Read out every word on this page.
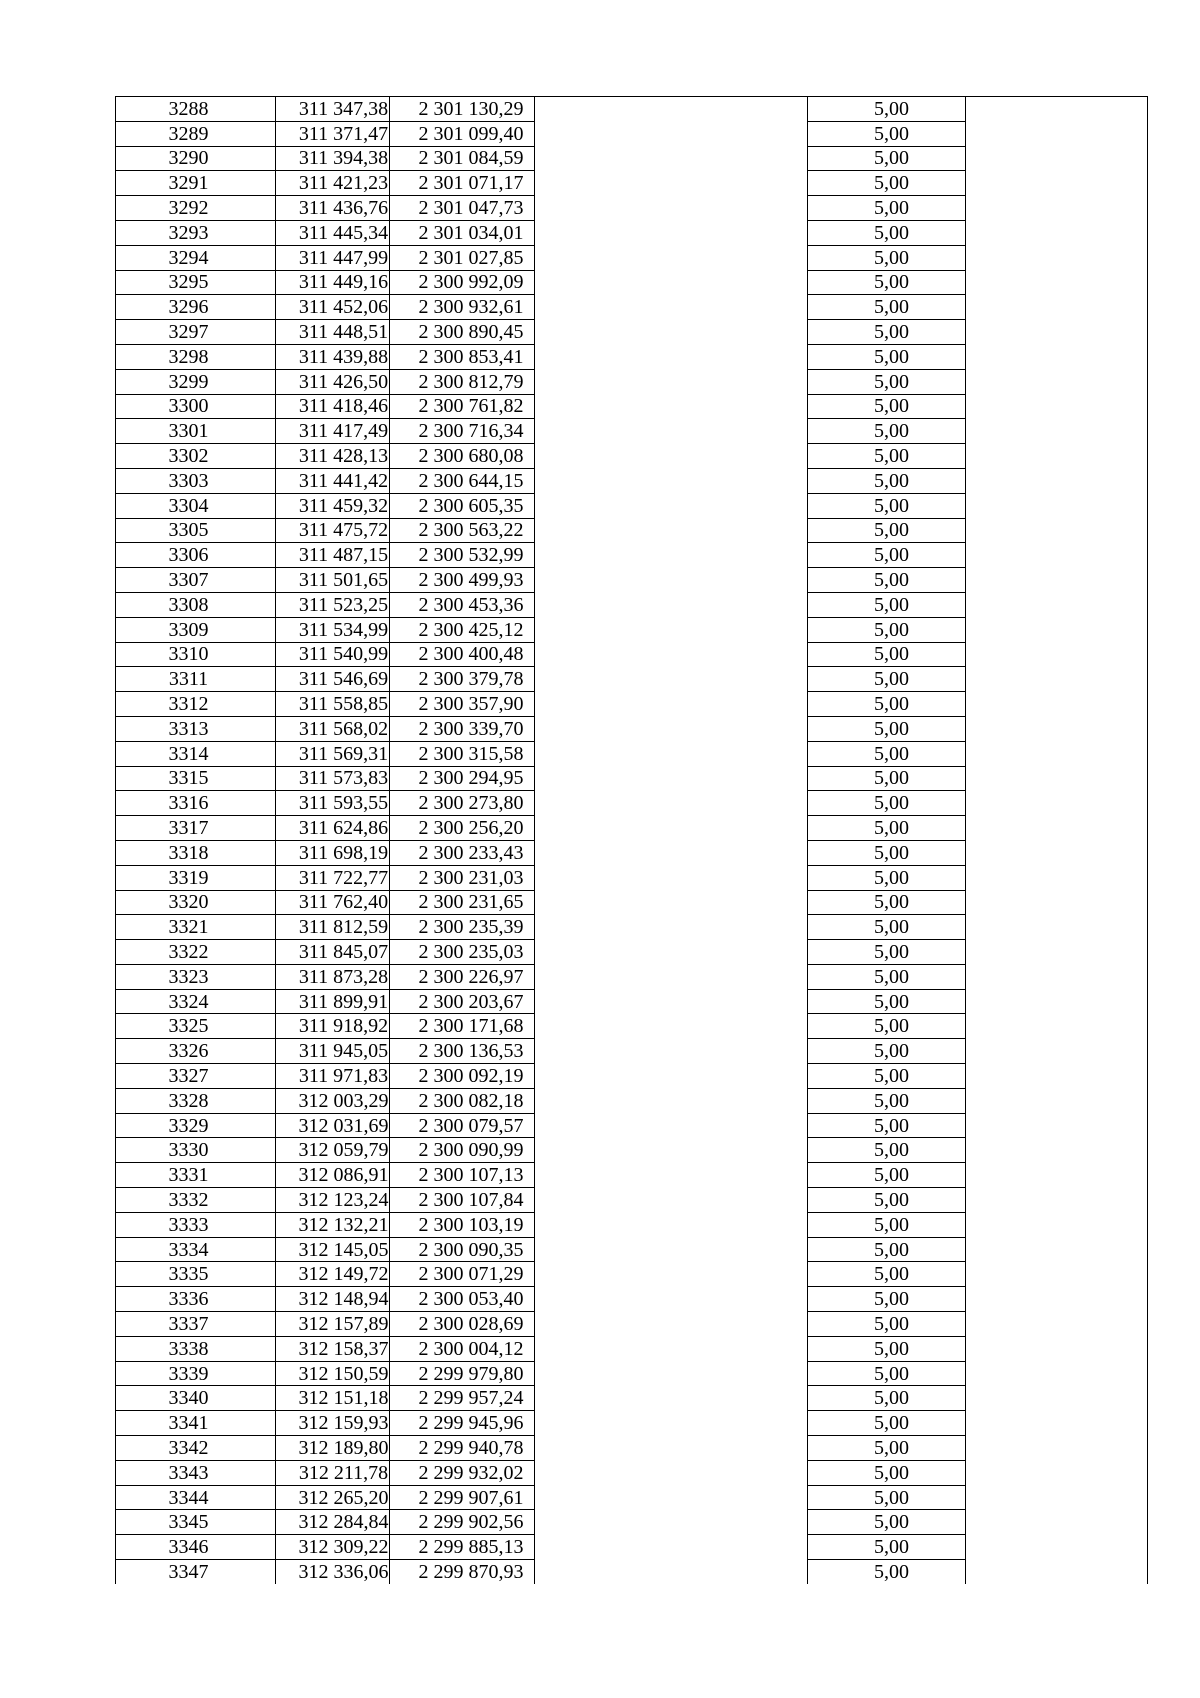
3288	311 347,38	2 301 130,29		5,00	
3289	311 371,47	2 301 099,40		5,00	
3290	311 394,38	2 301 084,59		5,00	
3291	311 421,23	2 301 071,17		5,00	
3292	311 436,76	2 301 047,73		5,00	
3293	311 445,34	2 301 034,01		5,00	
3294	311 447,99	2 301 027,85		5,00	
3295	311 449,16	2 300 992,09		5,00	
3296	311 452,06	2 300 932,61		5,00	
3297	311 448,51	2 300 890,45		5,00	
3298	311 439,88	2 300 853,41		5,00	
3299	311 426,50	2 300 812,79		5,00	
3300	311 418,46	2 300 761,82		5,00	
3301	311 417,49	2 300 716,34		5,00	
3302	311 428,13	2 300 680,08		5,00	
3303	311 441,42	2 300 644,15		5,00	
3304	311 459,32	2 300 605,35		5,00	
3305	311 475,72	2 300 563,22		5,00	
3306	311 487,15	2 300 532,99		5,00	
3307	311 501,65	2 300 499,93		5,00	
3308	311 523,25	2 300 453,36		5,00	
3309	311 534,99	2 300 425,12		5,00	
3310	311 540,99	2 300 400,48		5,00	
3311	311 546,69	2 300 379,78		5,00	
3312	311 558,85	2 300 357,90		5,00	
3313	311 568,02	2 300 339,70		5,00	
3314	311 569,31	2 300 315,58		5,00	
3315	311 573,83	2 300 294,95		5,00	
3316	311 593,55	2 300 273,80		5,00	
3317	311 624,86	2 300 256,20		5,00	
3318	311 698,19	2 300 233,43		5,00	
3319	311 722,77	2 300 231,03		5,00	
3320	311 762,40	2 300 231,65		5,00	
3321	311 812,59	2 300 235,39		5,00	
3322	311 845,07	2 300 235,03		5,00	
3323	311 873,28	2 300 226,97		5,00	
3324	311 899,91	2 300 203,67		5,00	
3325	311 918,92	2 300 171,68		5,00	
3326	311 945,05	2 300 136,53		5,00	
3327	311 971,83	2 300 092,19		5,00	
3328	312 003,29	2 300 082,18		5,00	
3329	312 031,69	2 300 079,57		5,00	
3330	312 059,79	2 300 090,99		5,00	
3331	312 086,91	2 300 107,13		5,00	
3332	312 123,24	2 300 107,84		5,00	
3333	312 132,21	2 300 103,19		5,00	
3334	312 145,05	2 300 090,35		5,00	
3335	312 149,72	2 300 071,29		5,00	
3336	312 148,94	2 300 053,40		5,00	
3337	312 157,89	2 300 028,69		5,00	
3338	312 158,37	2 300 004,12		5,00	
3339	312 150,59	2 299 979,80		5,00	
3340	312 151,18	2 299 957,24		5,00	
3341	312 159,93	2 299 945,96		5,00	
3342	312 189,80	2 299 940,78		5,00	
3343	312 211,78	2 299 932,02		5,00	
3344	312 265,20	2 299 907,61		5,00	
3345	312 284,84	2 299 902,56		5,00	
3346	312 309,22	2 299 885,13		5,00	
3347	312 336,06	2 299 870,93		5,00	
